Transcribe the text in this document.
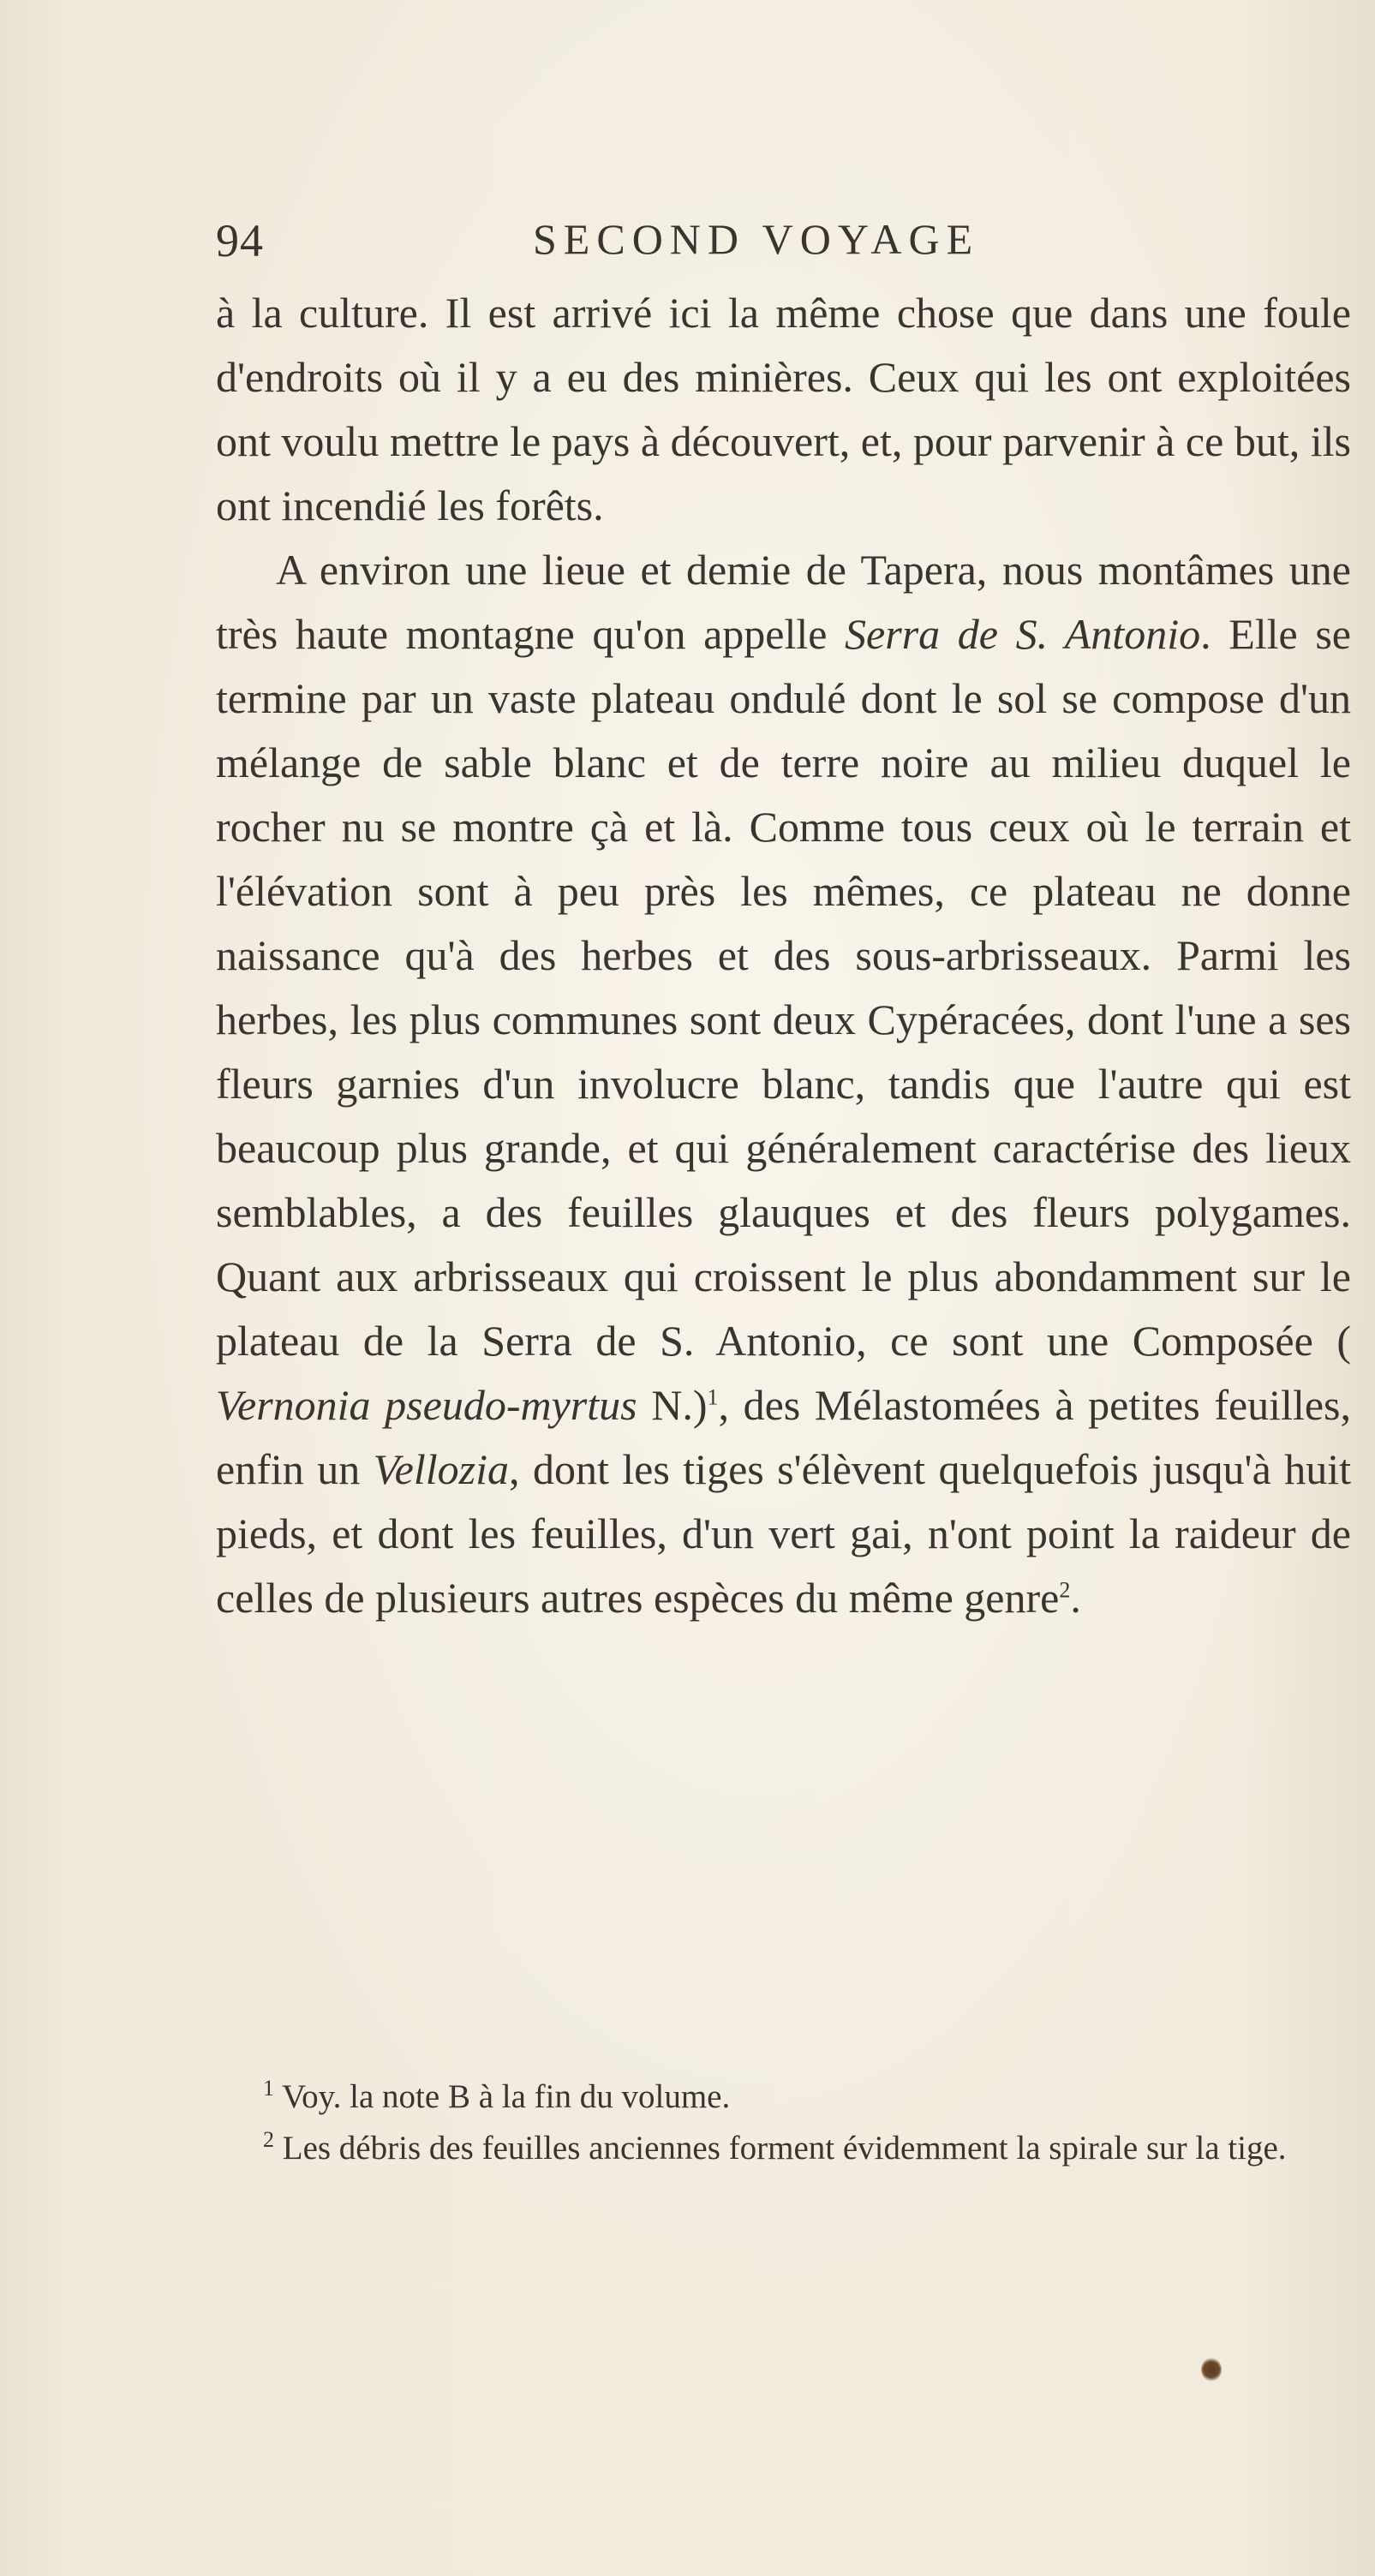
94	SECOND VOYAGE

à la culture. Il est arrivé ici la même chose que dans une foule d'endroits où il y a eu des minières. Ceux qui les ont exploitées ont voulu mettre le pays à découvert, et, pour parvenir à ce but, ils ont incendié les forêts.

A environ une lieue et demie de Tapera, nous montâmes une très haute montagne qu'on appelle Serra de S. Antonio. Elle se termine par un vaste plateau ondulé dont le sol se compose d'un mélange de sable blanc et de terre noire au milieu duquel le rocher nu se montre çà et là. Comme tous ceux où le terrain et l'élévation sont à peu près les mêmes, ce plateau ne donne naissance qu'à des herbes et des sous-arbrisseaux. Parmi les herbes, les plus communes sont deux Cypéracées, dont l'une a ses fleurs garnies d'un involucre blanc, tandis que l'autre qui est beaucoup plus grande, et qui généralement caractérise des lieux semblables, a des feuilles glauques et des fleurs polygames. Quant aux arbrisseaux qui croissent le plus abondamment sur le plateau de la Serra de S. Antonio, ce sont une Composée ( Vernonia pseudo-myrtus N.)$^1$, des Mélastomées à petites feuilles, enfin un Vellozia, dont les tiges s'élèvent quelquefois jusqu'à huit pieds, et dont les feuilles, d'un vert gai, n'ont point la raideur de celles de plusieurs autres espèces du même genre$^2$.

$^1$ Voy. la note B à la fin du volume.

$^2$ Les débris des feuilles anciennes forment évidemment la spirale sur la tige.
